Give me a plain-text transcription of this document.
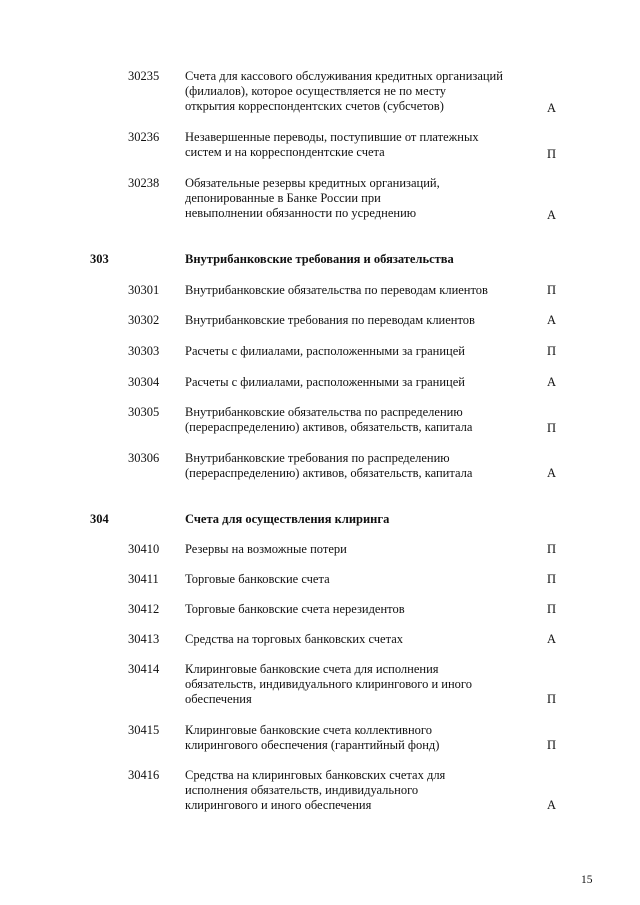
30235	Счета для кассового обслуживания кредитных организаций
(филиалов), которое осуществляется не по месту
открытия корреспондентских счетов (субсчетов)	А
30236	Незавершенные переводы, поступившие от платежных
систем и на корреспондентские счета	П
30238	Обязательные резервы кредитных организаций,
депонированные в Банке России при
невыполнении обязанности по усреднению	А
303	Внутрибанковские требования и обязательства
30301	Внутрибанковские обязательства по переводам клиентов	П
30302	Внутрибанковские требования по переводам клиентов	А
30303	Расчеты с филиалами, расположенными за границей	П
30304	Расчеты с филиалами, расположенными за границей	А
30305	Внутрибанковские обязательства по распределению
(перераспределению) активов, обязательств, капитала	П
30306	Внутрибанковские требования по распределению
(перераспределению) активов, обязательств, капитала	А
304	Счета для осуществления клиринга
30410	Резервы на возможные потери	П
30411	Торговые банковские счета	П
30412	Торговые банковские счета нерезидентов	П
30413	Средства на торговых банковских счетах	А
30414	Клиринговые банковские счета для исполнения
обязательств, индивидуального клирингового и иного
обеспечения	П
30415	Клиринговые банковские счета коллективного
клирингового обеспечения (гарантийный фонд)	П
30416	Средства на клиринговых банковских счетах для
исполнения обязательств, индивидуального
клирингового и иного обеспечения	А
15
